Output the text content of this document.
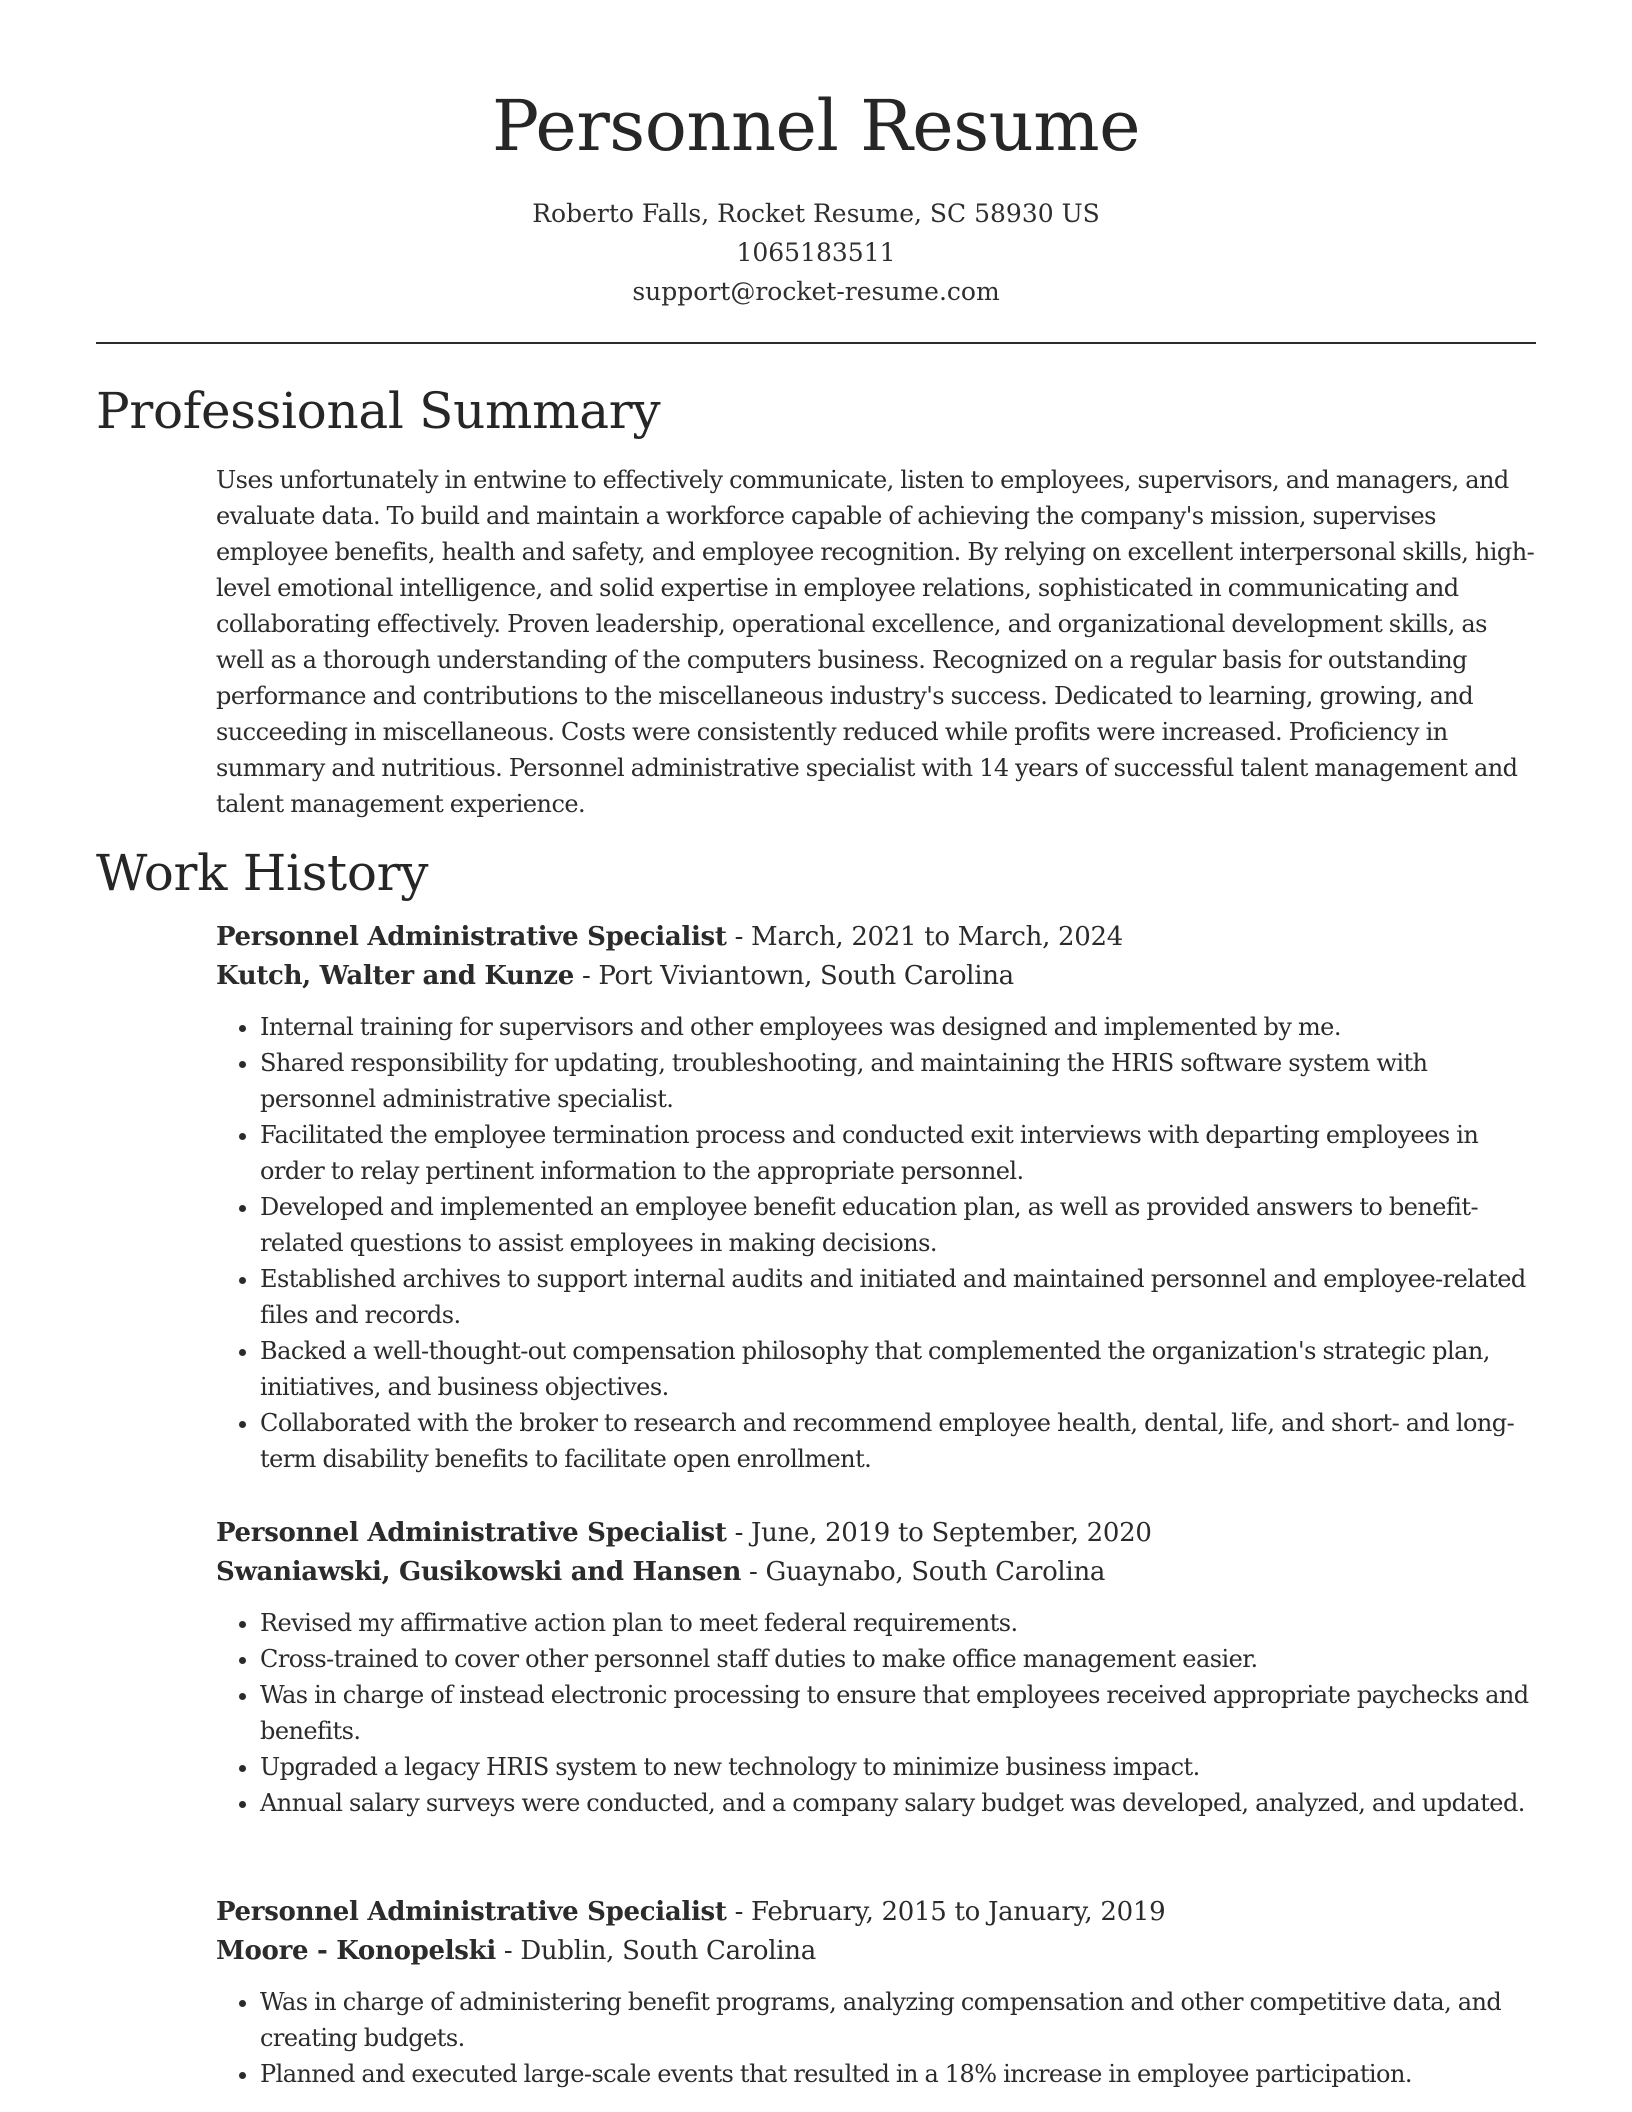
Personnel Resume
Roberto Falls, Rocket Resume, SC 58930 US
1065183511
support@rocket-resume.com
Professional Summary

Uses unfortunately in entwine to effectively communicate, listen to employees, supervisors, and managers, and evaluate data. To build and maintain a workforce capable of achieving the company's mission, supervises employee benefits, health and safety, and employee recognition. By relying on excellent interpersonal skills, high-level emotional intelligence, and solid expertise in employee relations, sophisticated in communicating and collaborating effectively. Proven leadership, operational excellence, and organizational development skills, as well as a thorough understanding of the computers business. Recognized on a regular basis for outstanding performance and contributions to the miscellaneous industry's success. Dedicated to learning, growing, and succeeding in miscellaneous. Costs were consistently reduced while profits were increased. Proficiency in summary and nutritious. Personnel administrative specialist with 14 years of successful talent management and talent management experience.

Work History
Personnel Administrative Specialist - March, 2021 to March, 2024
Kutch, Walter and Kunze - Port Viviantown, South Carolina
• Internal training for supervisors and other employees was designed and implemented by me.
• Shared responsibility for updating, troubleshooting, and maintaining the HRIS software system with personnel administrative specialist.
• Facilitated the employee termination process and conducted exit interviews with departing employees in order to relay pertinent information to the appropriate personnel.
• Developed and implemented an employee benefit education plan, as well as provided answers to benefit-related questions to assist employees in making decisions.
• Established archives to support internal audits and initiated and maintained personnel and employee-related files and records.
• Backed a well-thought-out compensation philosophy that complemented the organization's strategic plan, initiatives, and business objectives.
• Collaborated with the broker to research and recommend employee health, dental, life, and short- and long-term disability benefits to facilitate open enrollment.
Personnel Administrative Specialist - June, 2019 to September, 2020
Swaniawski, Gusikowski and Hansen - Guaynabo, South Carolina
• Revised my affirmative action plan to meet federal requirements.
• Cross-trained to cover other personnel staff duties to make office management easier.
• Was in charge of instead electronic processing to ensure that employees received appropriate paychecks and benefits.
• Upgraded a legacy HRIS system to new technology to minimize business impact.
• Annual salary surveys were conducted, and a company salary budget was developed, analyzed, and updated.
Personnel Administrative Specialist - February, 2015 to January, 2019
Moore - Konopelski - Dublin, South Carolina
• Was in charge of administering benefit programs, analyzing compensation and other competitive data, and creating budgets.
• Planned and executed large-scale events that resulted in a 18% increase in employee participation.
